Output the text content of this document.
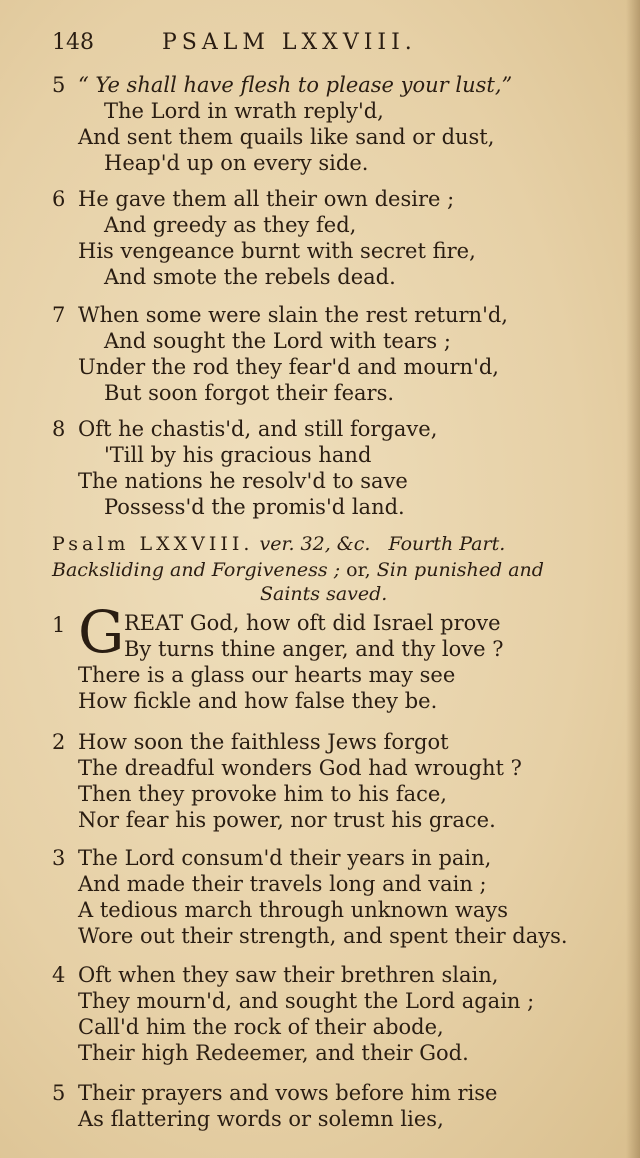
148	PSALM LXXVIII.
5 “ Ye shall have flesh to please your lust,”
The Lord in wrath reply'd,
And sent them quails like sand or dust,
Heap'd up on every side.
6 He gave them all their own desire ;
And greedy as they fed,
His vengeance burnt with secret fire,
And smote the rebels dead.
7 When some were slain the rest return'd,
And sought the Lord with tears ;
Under the rod they fear'd and mourn'd,
But soon forgot their fears.
8 Oft he chastis'd, and still forgave,
'Till by his gracious hand
The nations he resolv'd to save
Possess'd the promis'd land.
Psalm LXXVIII. ver. 32, &c. Fourth Part.
Backsliding and Forgiveness ; or, Sin punished and
Saints saved.
1 G REAT God, how oft did Israel prove
By turns thine anger, and thy love ?
There is a glass our hearts may see
How fickle and how false they be.
2 How soon the faithless Jews forgot
The dreadful wonders God had wrought ?
Then they provoke him to his face,
Nor fear his power, nor trust his grace.
3 The Lord consum'd their years in pain,
And made their travels long and vain ;
A tedious march through unknown ways
Wore out their strength, and spent their days.
4 Oft when they saw their brethren slain,
They mourn'd, and sought the Lord again ;
Call'd him the rock of their abode,
Their high Redeemer, and their God.
5 Their prayers and vows before him rise
As flattering words or solemn lies,
